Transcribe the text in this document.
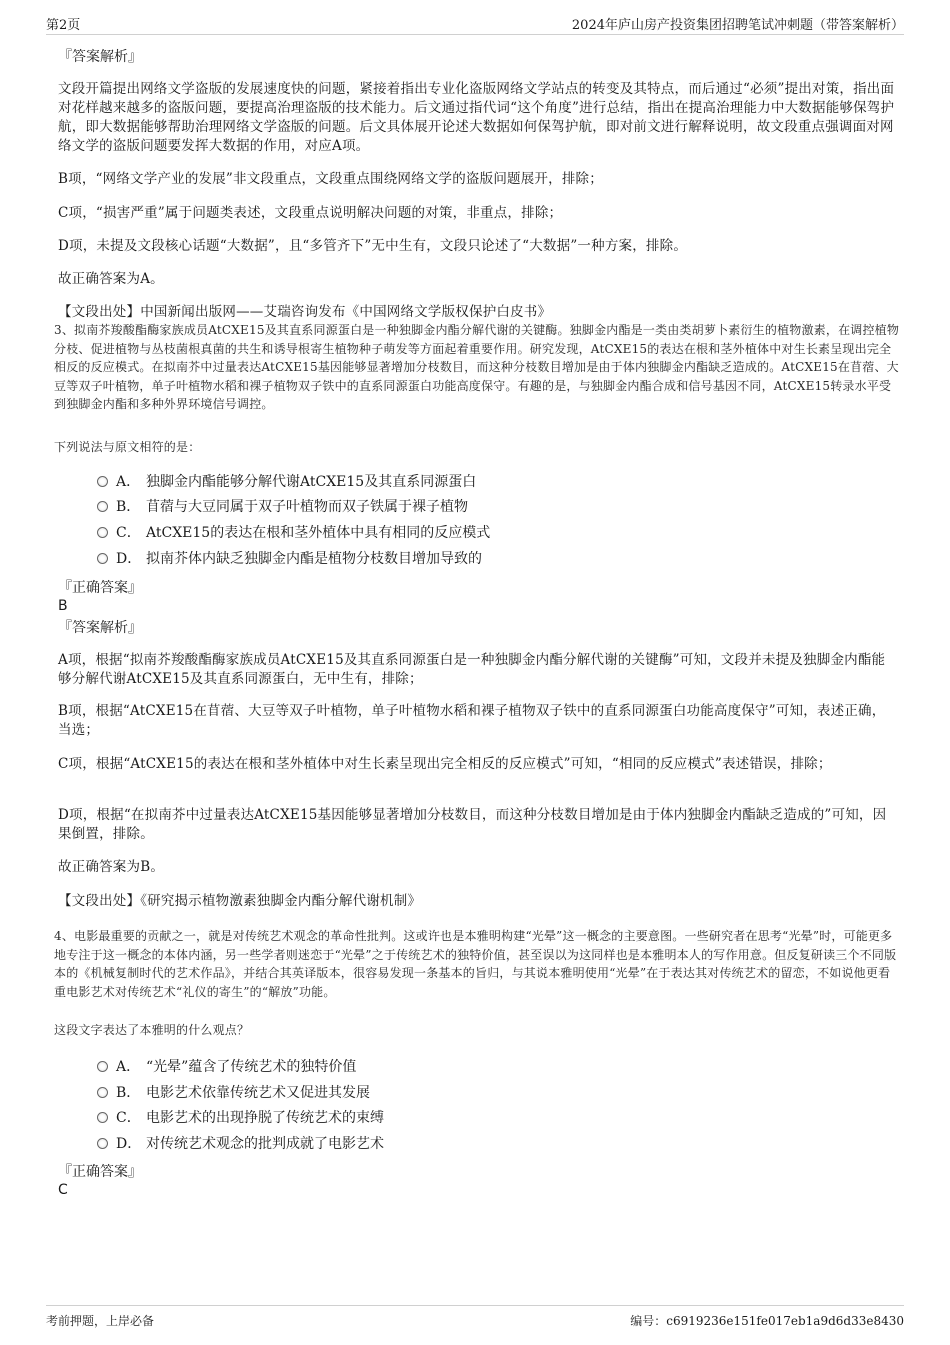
第2页	2024年庐山房产投资集团招聘笔试冲刺题（带答案解析）
『答案解析』
文段开篇提出网络文学盗版的发展速度快的问题，紧接着指出专业化盗版网络文学站点的转变及其特点，而后通过“必须”提出对策，指出面对花样越来越多的盗版问题，要提高治理盗版的技术能力。后文通过指代词“这个角度”进行总结，指出在提高治理能力中大数据能够保驾护航，即大数据能够帮助治理网络文学盗版的问题。后文具体展开论述大数据如何保驾护航，即对前文进行解释说明，故文段重点强调面对网络文学的盗版问题要发挥大数据的作用，对应A项。
B项，“网络文学产业的发展”非文段重点，文段重点围绕网络文学的盗版问题展开，排除；
C项，“损害严重”属于问题类表述，文段重点说明解决问题的对策，非重点，排除；
D项，未提及文段核心话题“大数据”，且“多管齐下”无中生有，文段只论述了“大数据”一种方案，排除。
故正确答案为A。
【文段出处】中国新闻出版网——艾瑞咨询发布《中国网络文学版权保护白皮书》
3、拟南芥羧酸酯酶家族成员AtCXE15及其直系同源蛋白是一种独脚金内酯分解代谢的关键酶。独脚金内酯是一类由类胡萝卜素衍生的植物激素，在调控植物分枝、促进植物与丛枝菌根真菌的共生和诱导根寄生植物种子萌发等方面起着重要作用。研究发现，AtCXE15的表达在根和茎外植体中对生长素呈现出完全相反的反应模式。在拟南芥中过量表达AtCXE15基因能够显著增加分枝数目，而这种分枝数目增加是由于体内独脚金内酯缺乏造成的。AtCXE15在苜蓿、大豆等双子叶植物，单子叶植物水稻和裸子植物双子铁中的直系同源蛋白功能高度保守。有趣的是，与独脚金内酯合成和信号基因不同，AtCXE15转录水平受到独脚金内酯和多种外界环境信号调控。
下列说法与原文相符的是：
A． 独脚金内酯能够分解代谢AtCXE15及其直系同源蛋白
B． 苜蓿与大豆同属于双子叶植物而双子铁属于裸子植物
C． AtCXE15的表达在根和茎外植体中具有相同的反应模式
D． 拟南芥体内缺乏独脚金内酯是植物分枝数目增加导致的
『正确答案』
B
『答案解析』
A项，根据“拟南芥羧酸酯酶家族成员AtCXE15及其直系同源蛋白是一种独脚金内酯分解代谢的关键酶”可知，文段并未提及独脚金内酯能够分解代谢AtCXE15及其直系同源蛋白，无中生有，排除；
B项，根据“AtCXE15在苜蓿、大豆等双子叶植物，单子叶植物水稻和裸子植物双子铁中的直系同源蛋白功能高度保守”可知，表述正确，当选；
C项，根据“AtCXE15的表达在根和茎外植体中对生长素呈现出完全相反的反应模式”可知，“相同的反应模式”表述错误，排除；
D项，根据“在拟南芥中过量表达AtCXE15基因能够显著增加分枝数目，而这种分枝数目增加是由于体内独脚金内酯缺乏造成的”可知，因果倒置，排除。
故正确答案为B。
【文段出处】《研究揭示植物激素独脚金内酯分解代谢机制》
4、电影最重要的贡献之一，就是对传统艺术观念的革命性批判。这或许也是本雅明构建“光晕”这一概念的主要意图。一些研究者在思考“光晕”时，可能更多地专注于这一概念的本体内涵，另一些学者则迷恋于“光晕”之于传统艺术的独特价值，甚至误以为这同样也是本雅明本人的写作用意。但反复研读三个不同版本的《机械复制时代的艺术作品》，并结合其英译版本，很容易发现一条基本的旨归，与其说本雅明使用“光晕”在于表达其对传统艺术的留恋，不如说他更看重电影艺术对传统艺术“礼仪的寄生”的“解放”功能。
这段文字表达了本雅明的什么观点？
A． “光晕”蕴含了传统艺术的独特价值
B． 电影艺术依靠传统艺术又促进其发展
C． 电影艺术的出现挣脱了传统艺术的束缚
D． 对传统艺术观念的批判成就了电影艺术
『正确答案』
C
考前押题，上岸必备	编号：c6919236e151fe017eb1a9d6d33e8430
